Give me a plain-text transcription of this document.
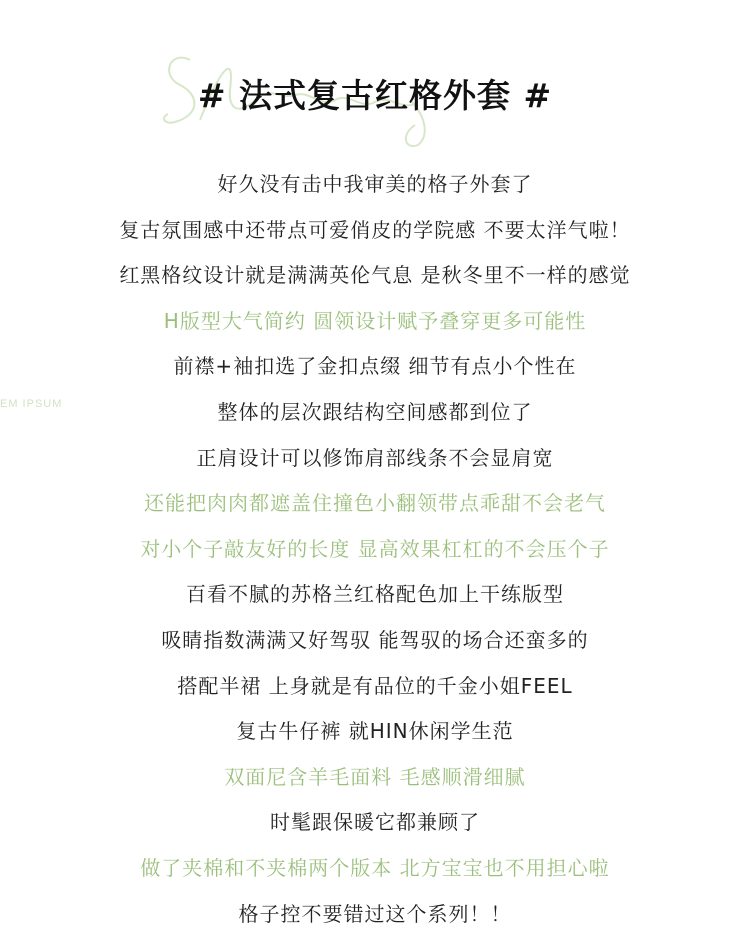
EM IPSUM
# 法式复古红格外套 #
好久没有击中我审美的格子外套了
复古氛围感中还带点可爱俏皮的学院感 不要太洋气啦！
红黑格纹设计就是满满英伦气息 是秋冬里不一样的感觉
H版型大气简约 圆领设计赋予叠穿更多可能性
前襟+袖扣选了金扣点缀 细节有点小个性在
整体的层次跟结构空间感都到位了
正肩设计可以修饰肩部线条不会显肩宽
还能把肉肉都遮盖住撞色小翻领带点乖甜不会老气
对小个子敲友好的长度 显高效果杠杠的不会压个子
百看不腻的苏格兰红格配色加上干练版型
吸睛指数满满又好驾驭 能驾驭的场合还蛮多的
搭配半裙 上身就是有品位的千金小姐FEEL
复古牛仔裤 就HIN休闲学生范
双面尼含羊毛面料 毛感顺滑细腻
时髦跟保暖它都兼顾了
做了夹棉和不夹棉两个版本 北方宝宝也不用担心啦
格子控不要错过这个系列！！
